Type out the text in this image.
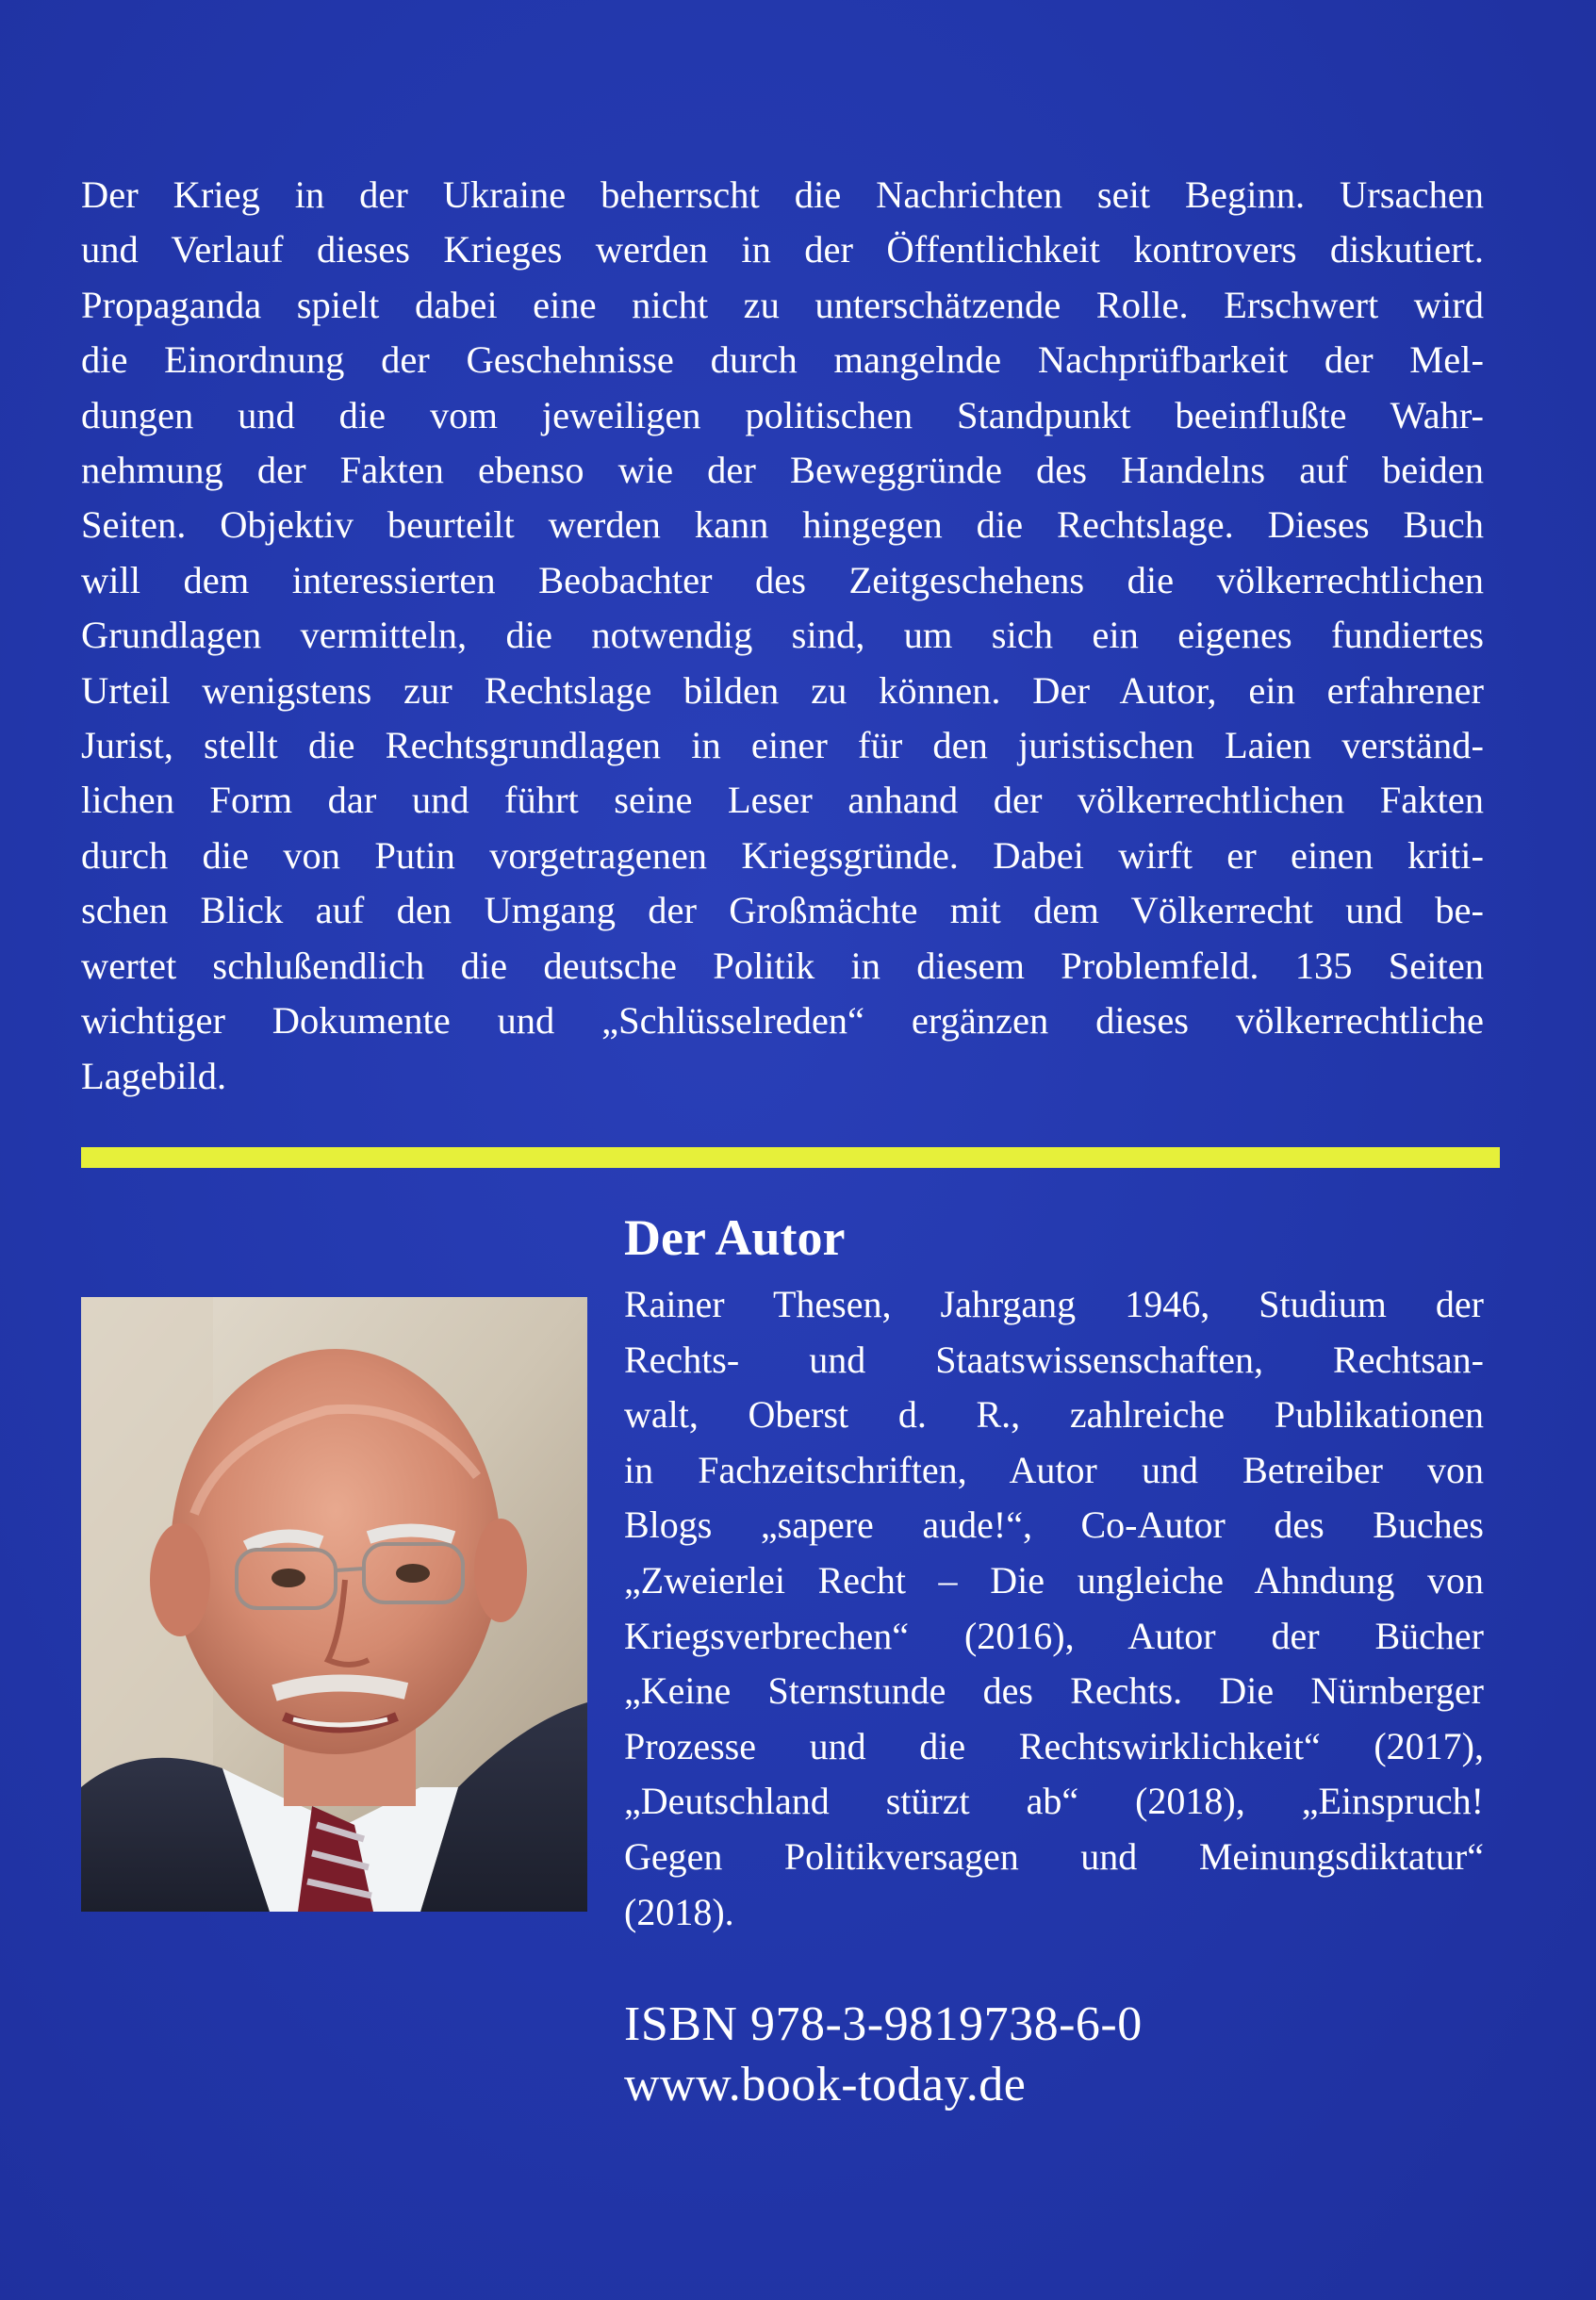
Der Krieg in der Ukraine beherrscht die Nachrichten seit Beginn. Ursachen
und Verlauf dieses Krieges werden in der Öffentlichkeit kontrovers diskutiert.
Propaganda spielt dabei eine nicht zu unterschätzende Rolle. Erschwert wird
die Einordnung der Geschehnisse durch mangelnde Nachprüfbarkeit der Mel-
dungen und die vom jeweiligen politischen Standpunkt beeinflußte Wahr-
nehmung der Fakten ebenso wie der Beweggründe des Handelns auf beiden
Seiten. Objektiv beurteilt werden kann hingegen die Rechtslage. Dieses Buch
will dem interessierten Beobachter des Zeitgeschehens die völkerrechtlichen
Grundlagen vermitteln, die notwendig sind, um sich ein eigenes fundiertes
Urteil wenigstens zur Rechtslage bilden zu können. Der Autor, ein erfahrener
Jurist, stellt die Rechtsgrundlagen in einer für den juristischen Laien verständ-
lichen Form dar und führt seine Leser anhand der völkerrechtlichen Fakten
durch die von Putin vorgetragenen Kriegsgründe. Dabei wirft er einen kriti-
schen Blick auf den Umgang der Großmächte mit dem Völkerrecht und be-
wertet schlußendlich die deutsche Politik in diesem Problemfeld. 135 Seiten
wichtiger Dokumente und „Schlüsselreden“ ergänzen dieses völkerrechtliche
Lagebild.
Der Autor
Rainer Thesen, Jahrgang 1946, Studium der
Rechts- und Staatswissenschaften, Rechtsan-
walt, Oberst d. R., zahlreiche Publikationen
in Fachzeitschriften, Autor und Betreiber von
Blogs „sapere aude!“, Co-Autor des Buches
„Zweierlei Recht – Die ungleiche Ahndung von
Kriegsverbrechen“ (2016), Autor der Bücher
„Keine Sternstunde des Rechts. Die Nürnberger
Prozesse und die Rechtswirklichkeit“ (2017),
„Deutschland stürzt ab“ (2018), „Einspruch!
Gegen Politikversagen und Meinungsdiktatur“
(2018).

ISBN 978-3-9819738-6-0

www.book-today.de
